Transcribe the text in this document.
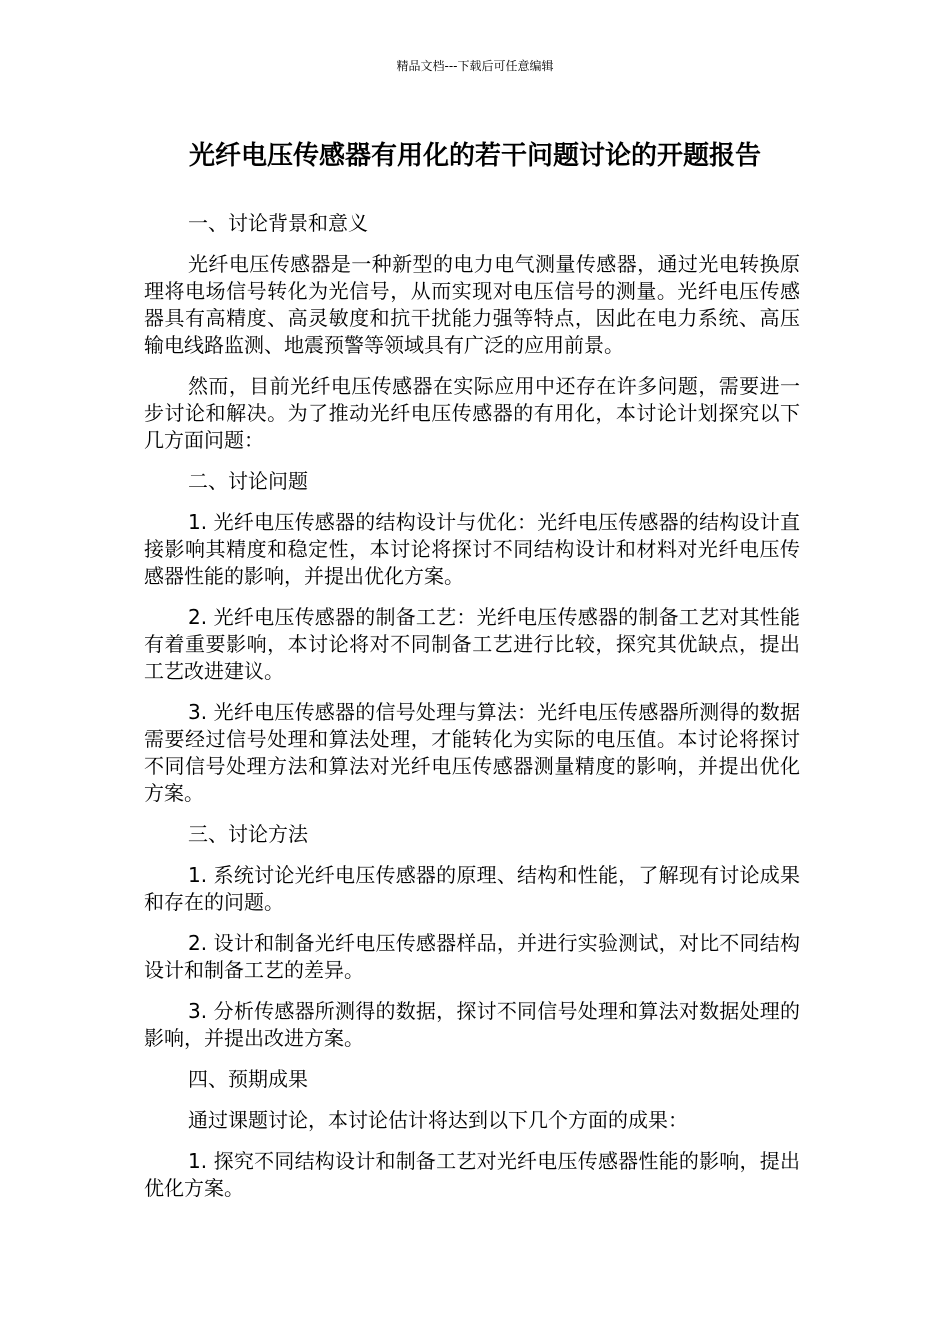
精品文档---下载后可任意编辑
光纤电压传感器有用化的若干问题讨论的开题报告

一、讨论背景和意义

光纤电压传感器是一种新型的电力电气测量传感器，通过光电转换原理将电场信号转化为光信号，从而实现对电压信号的测量。光纤电压传感器具有高精度、高灵敏度和抗干扰能力强等特点，因此在电力系统、高压输电线路监测、地震预警等领域具有广泛的应用前景。

然而，目前光纤电压传感器在实际应用中还存在许多问题，需要进一步讨论和解决。为了推动光纤电压传感器的有用化，本讨论计划探究以下几方面问题：

二、讨论问题

1. 光纤电压传感器的结构设计与优化：光纤电压传感器的结构设计直接影响其精度和稳定性，本讨论将探讨不同结构设计和材料对光纤电压传感器性能的影响，并提出优化方案。

2. 光纤电压传感器的制备工艺：光纤电压传感器的制备工艺对其性能有着重要影响，本讨论将对不同制备工艺进行比较，探究其优缺点，提出工艺改进建议。

3. 光纤电压传感器的信号处理与算法：光纤电压传感器所测得的数据需要经过信号处理和算法处理，才能转化为实际的电压值。本讨论将探讨不同信号处理方法和算法对光纤电压传感器测量精度的影响，并提出优化方案。

三、讨论方法

1. 系统讨论光纤电压传感器的原理、结构和性能，了解现有讨论成果和存在的问题。

2. 设计和制备光纤电压传感器样品，并进行实验测试，对比不同结构设计和制备工艺的差异。

3. 分析传感器所测得的数据，探讨不同信号处理和算法对数据处理的影响，并提出改进方案。

四、预期成果

通过课题讨论，本讨论估计将达到以下几个方面的成果：

1. 探究不同结构设计和制备工艺对光纤电压传感器性能的影响，提出优化方案。
